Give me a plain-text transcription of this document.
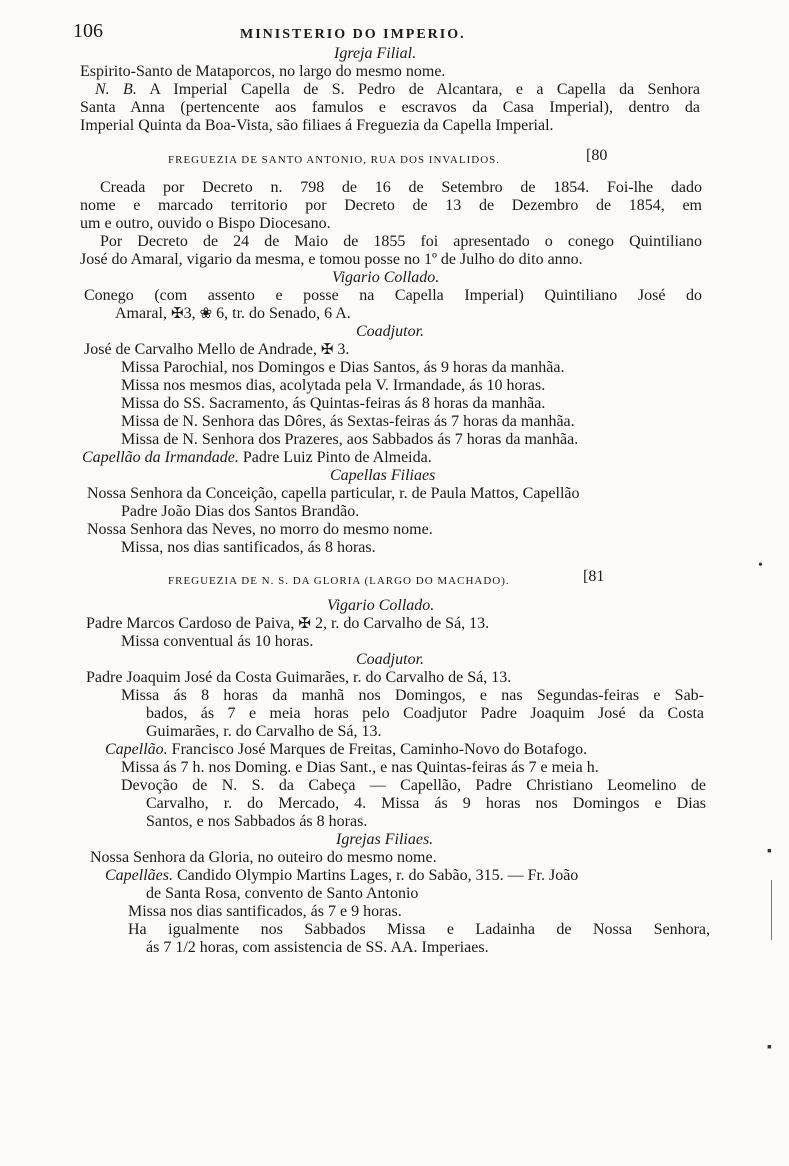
106	MINISTERIO DO IMPERIO.
Igreja Filial.
Espirito-Santo de Mataporcos, no largo do mesmo nome.
N. B. A Imperial Capella de S. Pedro de Alcantara, e a Capella da Senhora
Santa Anna (pertencente aos famulos e escravos da Casa Imperial), dentro da
Imperial Quinta da Boa-Vista, são filiaes á Freguezia da Capella Imperial.
FREGUEZIA DE SANTO ANTONIO, RUA DOS INVALIDOS.	[80
Creada por Decreto n. 798 de 16 de Setembro de 1854. Foi-lhe dado
nome e marcado territorio por Decreto de 13 de Dezembro de 1854, em
um e outro, ouvido o Bispo Diocesano.
Por Decreto de 24 de Maio de 1855 foi apresentado o conego Quintiliano
José do Amaral, vigario da mesma, e tomou posse no 1º de Julho do dito anno.
Vigario Collado.
Conego (com assento e posse na Capella Imperial) Quintiliano José do
Amaral, ✠3, ❀ 6, tr. do Senado, 6 A.
Coadjutor.
José de Carvalho Mello de Andrade, ✠ 3.
Missa Parochial, nos Domingos e Dias Santos, ás 9 horas da manhãa.
Missa nos mesmos dias, acolytada pela V. Irmandade, ás 10 horas.
Missa do SS. Sacramento, ás Quintas-feiras ás 8 horas da manhãa.
Missa de N. Senhora das Dôres, ás Sextas-feiras ás 7 horas da manhãa.
Missa de N. Senhora dos Prazeres, aos Sabbados ás 7 horas da manhãa.
Capellão da Irmandade. Padre Luiz Pinto de Almeida.
Capellas Filiaes
Nossa Senhora da Conceição, capella particular, r. de Paula Mattos, Capellão
Padre João Dias dos Santos Brandão.
Nossa Senhora das Neves, no morro do mesmo nome.
Missa, nos dias santificados, ás 8 horas.
FREGUEZIA DE N. S. DA GLORIA (LARGO DO MACHADO).	[81
Vigario Collado.
Padre Marcos Cardoso de Paiva, ✠ 2, r. do Carvalho de Sá, 13.
Missa conventual ás 10 horas.
Coadjutor.
Padre Joaquim José da Costa Guimarães, r. do Carvalho de Sá, 13.
Missa ás 8 horas da manhã nos Domingos, e nas Segundas-feiras e Sab-
bados, ás 7 e meia horas pelo Coadjutor Padre Joaquim José da Costa
Guimarães, r. do Carvalho de Sá, 13.
Capellão. Francisco José Marques de Freitas, Caminho-Novo do Botafogo.
Missa ás 7 h. nos Doming. e Dias Sant., e nas Quintas-feiras ás 7 e meia h.
Devoção de N. S. da Cabeça — Capellão, Padre Christiano Leomelino de
Carvalho, r. do Mercado, 4. Missa ás 9 horas nos Domingos e Dias
Santos, e nos Sabbados ás 8 horas.
Igrejas Filiaes.
Nossa Senhora da Gloria, no outeiro do mesmo nome.
Capellães. Candido Olympio Martins Lages, r. do Sabão, 315. — Fr. João
de Santa Rosa, convento de Santo Antonio
Missa nos dias santificados, ás 7 e 9 horas.
Ha igualmente nos Sabbados Missa e Ladainha de Nossa Senhora,
ás 7 1/2 horas, com assistencia de SS. AA. Imperiaes.
•
▪
▪
